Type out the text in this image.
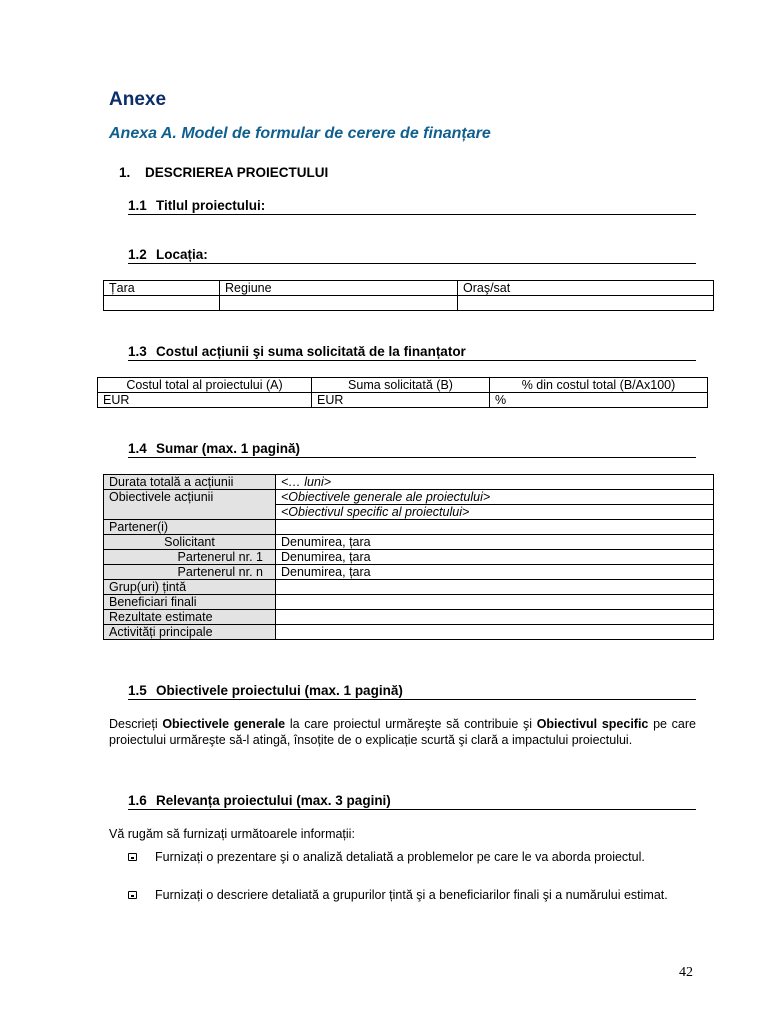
Anexe
Anexa A. Model de formular de cerere de finanțare
1. DESCRIEREA PROIECTULUI
1.1 Titlul proiectului:
1.2 Locația:
Țara	Regiune	Oraş/sat

1.3 Costul acțiunii şi suma solicitată de la finanțator
Costul total al proiectului (A)	Suma solicitată (B)	% din costul total (B/Ax100)
EUR	EUR	%
1.4 Sumar (max. 1 pagină)
Durata totală a acțiunii	<… luni>
Obiectivele acțiunii	<Obiectivele generale ale proiectului>
	<Obiectivul specific al proiectului>
Partener(i)	
Solicitant	Denumirea, țara
Partenerul nr. 1	Denumirea, țara
Partenerul nr. n	Denumirea, țara
Grup(uri) țintă	
Beneficiari finali	
Rezultate estimate	
Activități principale	
1.5 Obiectivele proiectului (max. 1 pagină)
Descrieți Obiectivele generale la care proiectul urmăreşte să contribuie şi Obiectivul specific pe care proiectului urmăreşte să-l atingă, însoțite de o explicație scurtă şi clară a impactului proiectului.
1.6 Relevanța proiectului (max. 3 pagini)
Vă rugăm să furnizați următoarele informații:
Furnizați o prezentare şi o analiză detaliată a problemelor pe care le va aborda proiectul.
Furnizați o descriere detaliată a grupurilor țintă şi a beneficiarilor finali şi a numărului estimat.
42
